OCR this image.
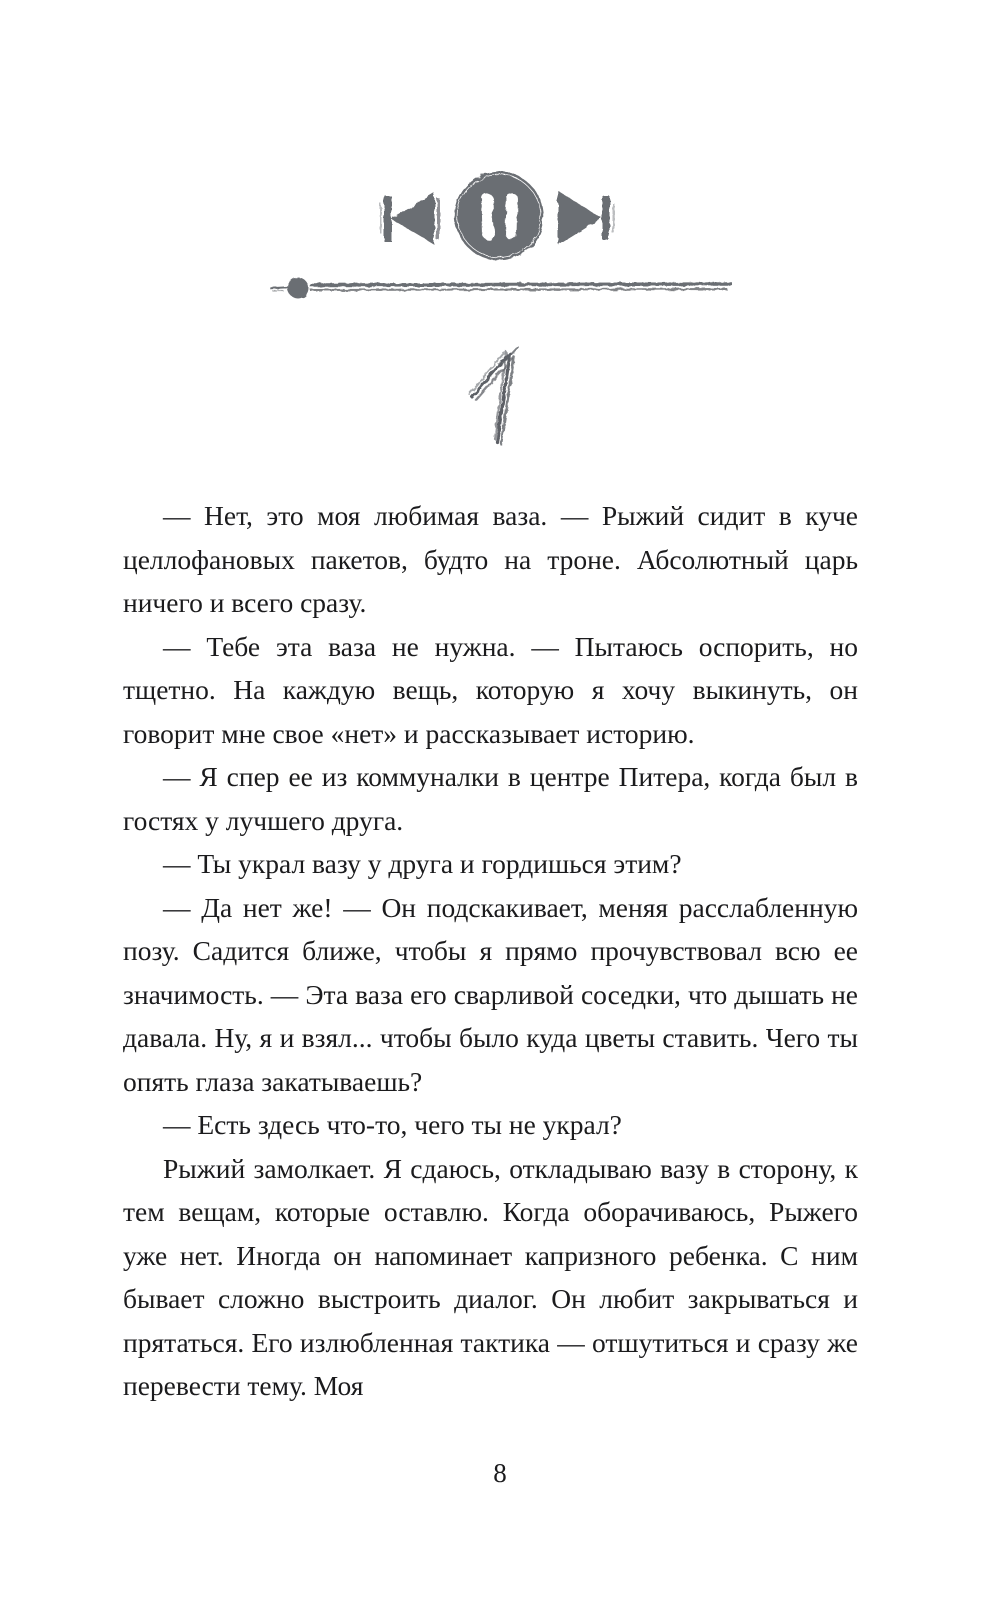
— Нет, это моя любимая ваза. — Рыжий сидит в куче целлофановых пакетов, будто на троне. Абсолютный царь ничего и всего сразу.

— Тебе эта ваза не нужна. — Пытаюсь оспорить, но тщетно. На каждую вещь, которую я хочу выкинуть, он говорит мне свое «нет» и рассказывает историю.

— Я спер ее из коммуналки в центре Питера, когда был в гостях у лучшего друга.

— Ты украл вазу у друга и гордишься этим?

— Да нет же! — Он подскакивает, меняя расслабленную позу. Садится ближе, чтобы я прямо прочувствовал всю ее значимость. — Эта ваза его сварливой соседки, что дышать не давала. Ну, я и взял... чтобы было куда цветы ставить. Чего ты опять глаза закатываешь?

— Есть здесь что-то, чего ты не украл?

Рыжий замолкает. Я сдаюсь, откладываю вазу в сторону, к тем вещам, которые оставлю. Когда оборачиваюсь, Рыжего уже нет. Иногда он напоминает капризного ребенка. С ним бывает сложно выстроить диалог. Он любит закрываться и прятаться. Его излюбленная тактика — отшутиться и сразу же перевести тему. Моя

8
